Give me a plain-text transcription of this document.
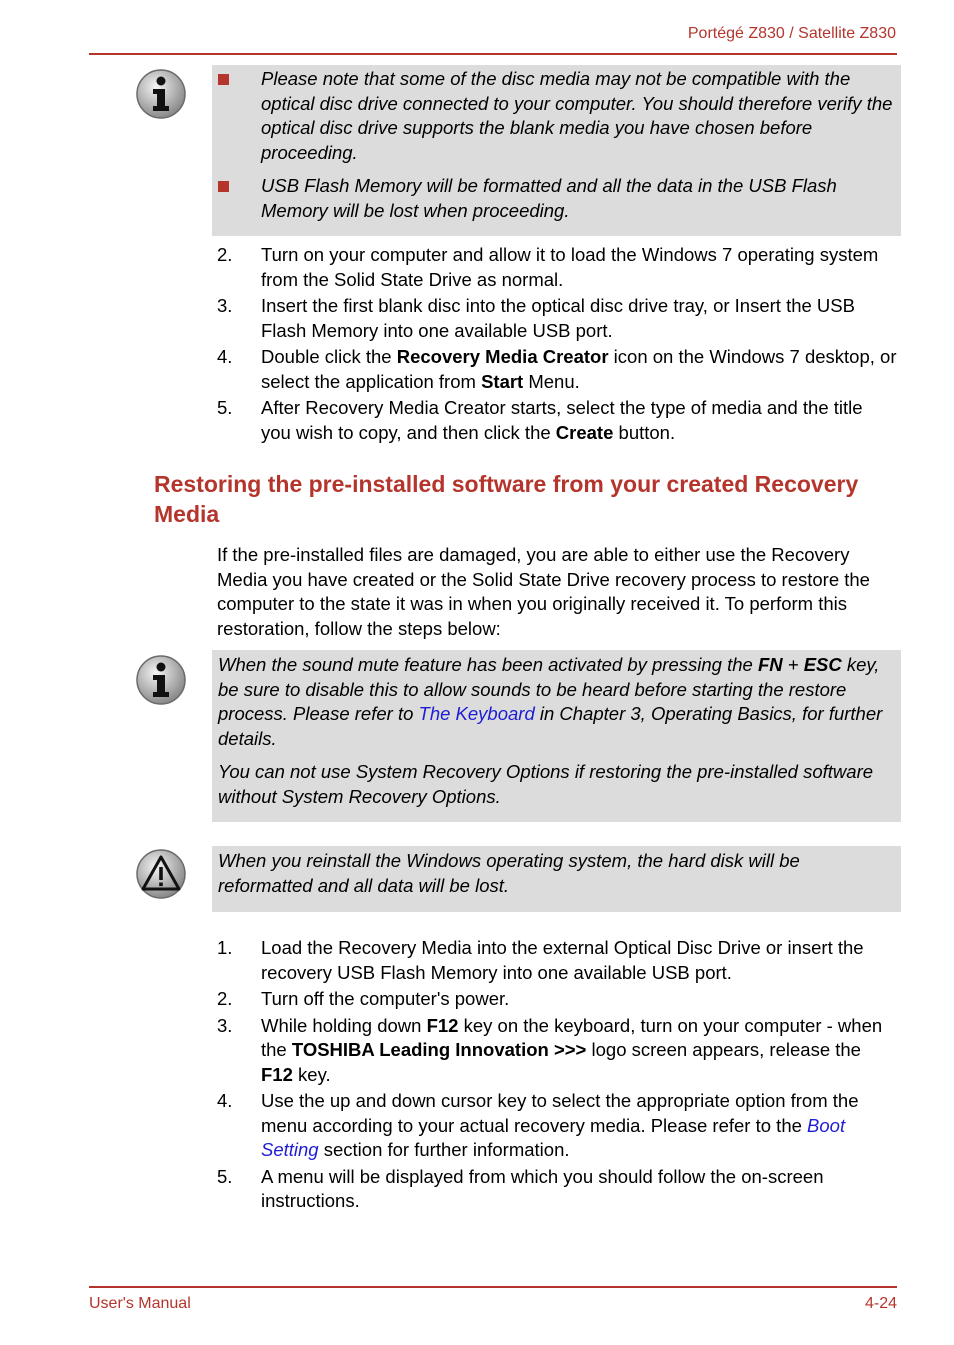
Portégé Z830 / Satellite Z830
Please note that some of the disc media may not be compatible with the optical disc drive connected to your computer. You should therefore verify the optical disc drive supports the blank media you have chosen before proceeding.
USB Flash Memory will be formatted and all the data in the USB Flash Memory will be lost when proceeding.
2. Turn on your computer and allow it to load the Windows 7 operating system from the Solid State Drive as normal.
3. Insert the first blank disc into the optical disc drive tray, or Insert the USB Flash Memory into one available USB port.
4. Double click the Recovery Media Creator icon on the Windows 7 desktop, or select the application from Start Menu.
5. After Recovery Media Creator starts, select the type of media and the title you wish to copy, and then click the Create button.
Restoring the pre-installed software from your created Recovery Media
If the pre-installed files are damaged, you are able to either use the Recovery Media you have created or the Solid State Drive recovery process to restore the computer to the state it was in when you originally received it. To perform this restoration, follow the steps below:

When the sound mute feature has been activated by pressing the FN + ESC key, be sure to disable this to allow sounds to be heard before starting the restore process. Please refer to The Keyboard in Chapter 3, Operating Basics, for further details.

You can not use System Recovery Options if restoring the pre-installed software without System Recovery Options.

When you reinstall the Windows operating system, the hard disk will be reformatted and all data will be lost.

1. Load the Recovery Media into the external Optical Disc Drive or insert the recovery USB Flash Memory into one available USB port.
2. Turn off the computer's power.
3. While holding down F12 key on the keyboard, turn on your computer - when the TOSHIBA Leading Innovation >>> logo screen appears, release the F12 key.
4. Use the up and down cursor key to select the appropriate option from the menu according to your actual recovery media. Please refer to the Boot Setting section for further information.
5. A menu will be displayed from which you should follow the on-screen instructions.
User's Manual	4-24
